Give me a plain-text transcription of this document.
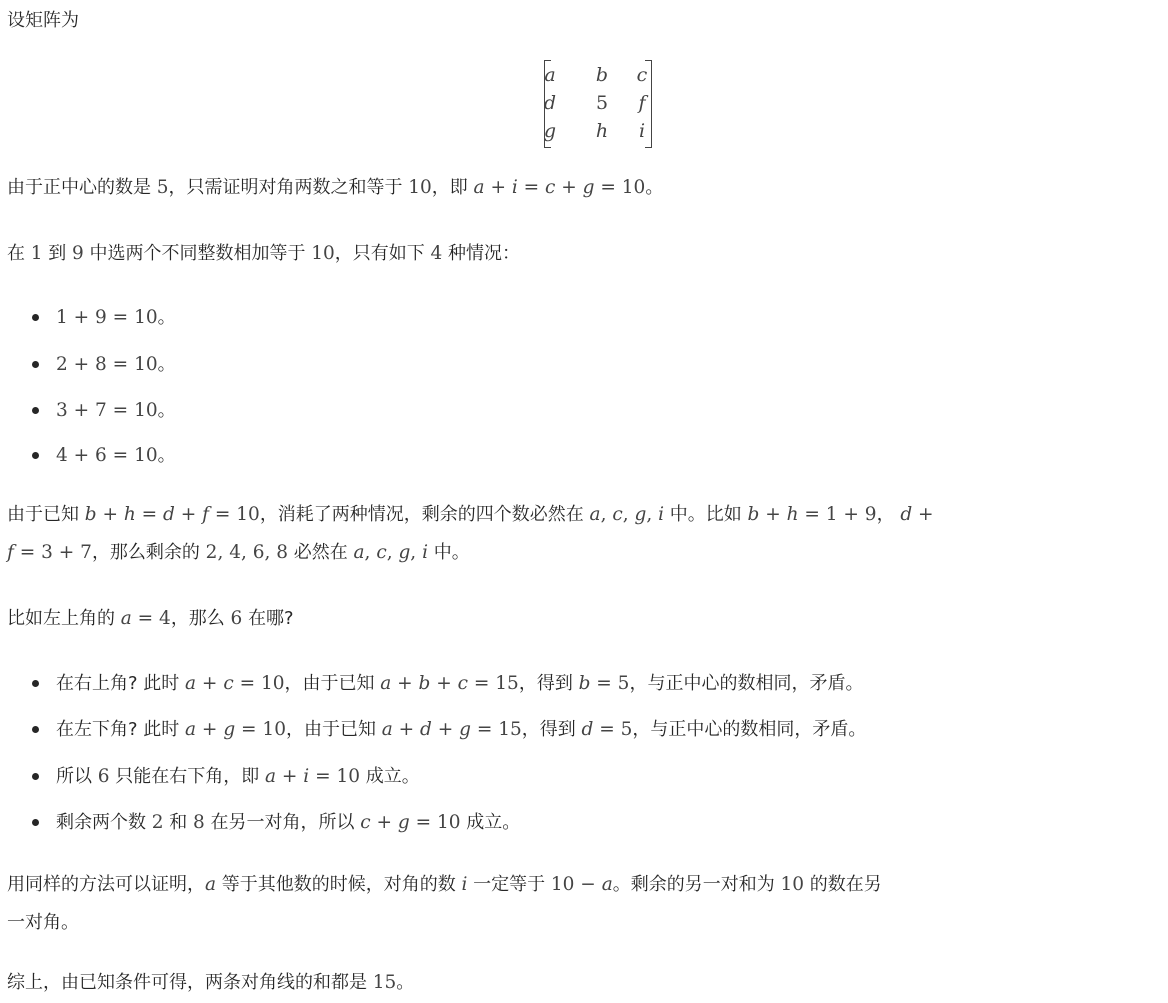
设矩阵为
a	b	c
d	5	f
g	h	i
由于正中心的数是 5，只需证明对角两数之和等于 10，即 a + i = c + g = 10。
在 1 到 9 中选两个不同整数相加等于 10，只有如下 4 种情况：
1 + 9 = 10。
2 + 8 = 10。
3 + 7 = 10。
4 + 6 = 10。
由于已知 b + h = d + f = 10，消耗了两种情况，剩余的四个数必然在 a, c, g, i 中。比如 b + h = 1 + 9， d +
f = 3 + 7，那么剩余的 2, 4, 6, 8 必然在 a, c, g, i 中。
比如左上角的 a = 4，那么 6 在哪?
在右上角? 此时 a + c = 10，由于已知 a + b + c = 15，得到 b = 5，与正中心的数相同，矛盾。
在左下角? 此时 a + g = 10，由于已知 a + d + g = 15，得到 d = 5，与正中心的数相同，矛盾。
所以 6 只能在右下角，即 a + i = 10 成立。
剩余两个数 2 和 8 在另一对角，所以 c + g = 10 成立。
用同样的方法可以证明，a 等于其他数的时候，对角的数 i 一定等于 10 − a。剩余的另一对和为 10 的数在另
一对角。
综上，由已知条件可得，两条对角线的和都是 15。
